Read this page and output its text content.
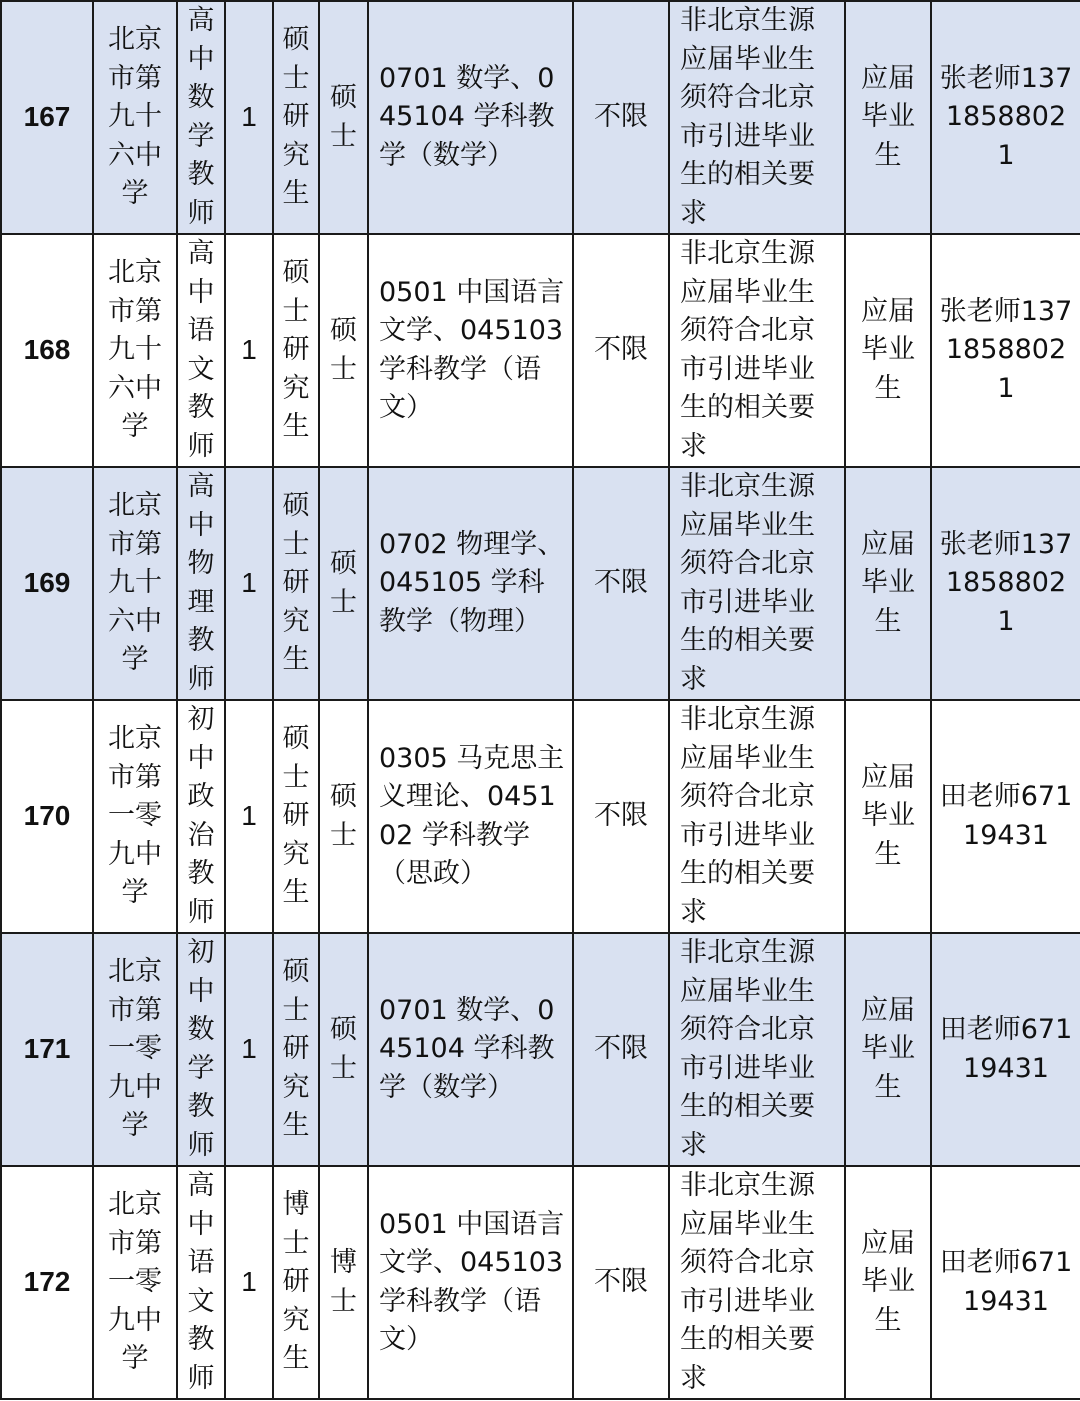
167	北京市第九十六中学	高中数学教师	1	硕士研究生	硕士	0701 数学、045104 学科教学（数学）	不限	非北京生源应届毕业生须符合北京市引进毕业生的相关要求	应届毕业生	张老师13718588021
168	北京市第九十六中学	高中语文教师	1	硕士研究生	硕士	0501 中国语言文学、045103 学科教学（语文）	不限	非北京生源应届毕业生须符合北京市引进毕业生的相关要求	应届毕业生	张老师13718588021
169	北京市第九十六中学	高中物理教师	1	硕士研究生	硕士	0702 物理学、045105 学科教学（物理）	不限	非北京生源应届毕业生须符合北京市引进毕业生的相关要求	应届毕业生	张老师13718588021
170	北京市第一零九中学	初中政治教师	1	硕士研究生	硕士	0305 马克思主义理论、045102 学科教学（思政）	不限	非北京生源应届毕业生须符合北京市引进毕业生的相关要求	应届毕业生	田老师67119431
171	北京市第一零九中学	初中数学教师	1	硕士研究生	硕士	0701 数学、045104 学科教学（数学）	不限	非北京生源应届毕业生须符合北京市引进毕业生的相关要求	应届毕业生	田老师67119431
172	北京市第一零九中学	高中语文教师	1	博士研究生	博士	0501 中国语言文学、045103 学科教学（语文）	不限	非北京生源应届毕业生须符合北京市引进毕业生的相关要求	应届毕业生	田老师67119431
